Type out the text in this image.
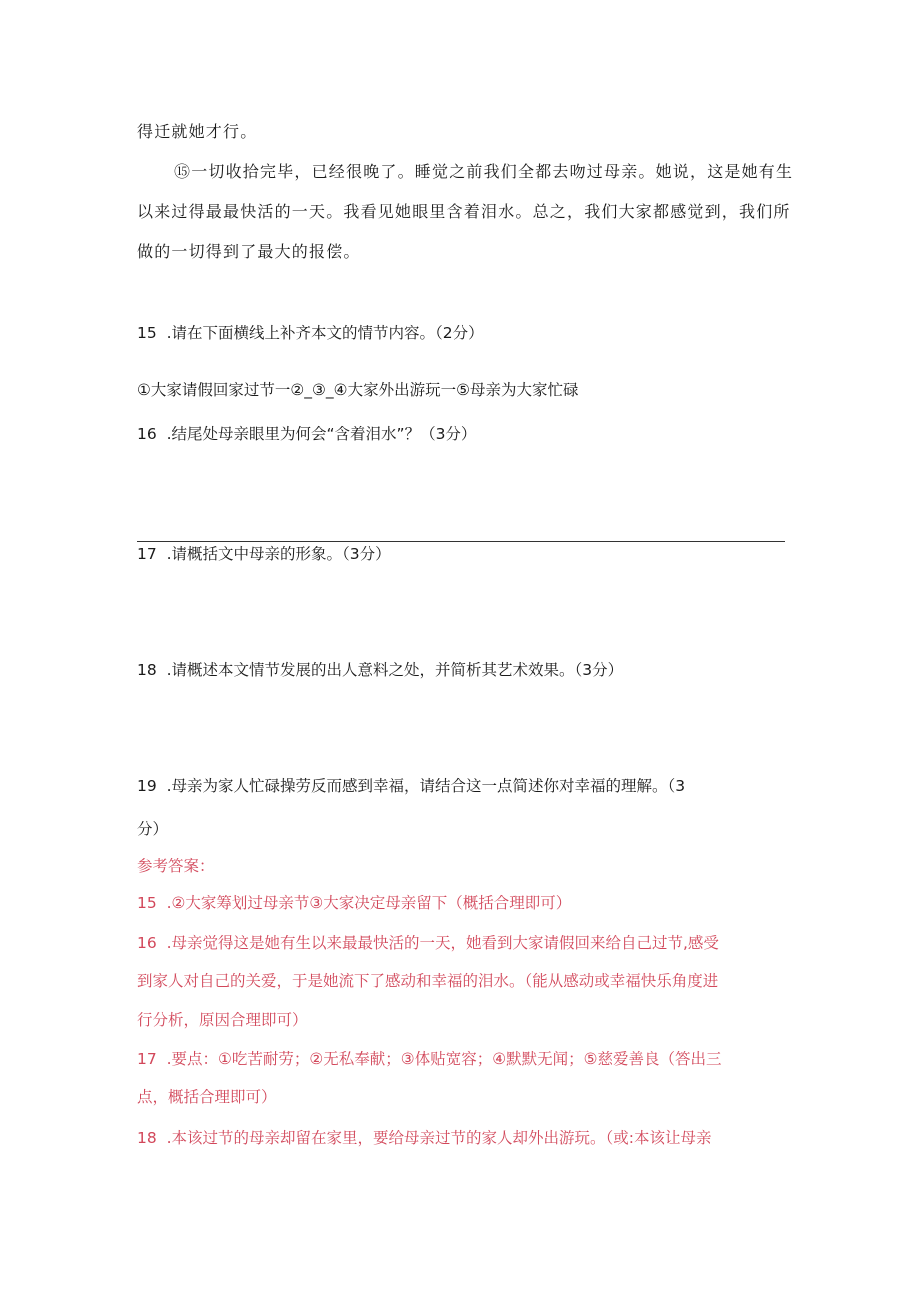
得迁就她才行。
⑮一切收拾完毕，已经很晚了。睡觉之前我们全都去吻过母亲。她说，这是她有生
以来过得最最快活的一天。我看见她眼里含着泪水。总之，我们大家都感觉到，我们所
做的一切得到了最大的报偿。
15  .请在下面横线上补齐本文的情节内容。（2分）
①大家请假回家过节一②_③_④大家外出游玩一⑤母亲为大家忙碌
16  .结尾处母亲眼里为何会“含着泪水”？（3分）
17  .请概括文中母亲的形象。（3分）
18  .请概述本文情节发展的出人意料之处，并简析其艺术效果。（3分）
19  .母亲为家人忙碌操劳反而感到幸福，请结合这一点简述你对幸福的理解。（3
分）
参考答案：
15  .②大家筹划过母亲节③大家决定母亲留下（概括合理即可）
16  .母亲觉得这是她有生以来最最快活的一天，她看到大家请假回来给自己过节,感受
到家人对自己的关爱，于是她流下了感动和幸福的泪水。（能从感动或幸福快乐角度进
行分析，原因合理即可）
17  .要点：①吃苦耐劳；②无私奉献；③体贴宽容；④默默无闻；⑤慈爱善良（答出三
点，概括合理即可）
18  .本该过节的母亲却留在家里，要给母亲过节的家人却外出游玩。（或:本该让母亲
